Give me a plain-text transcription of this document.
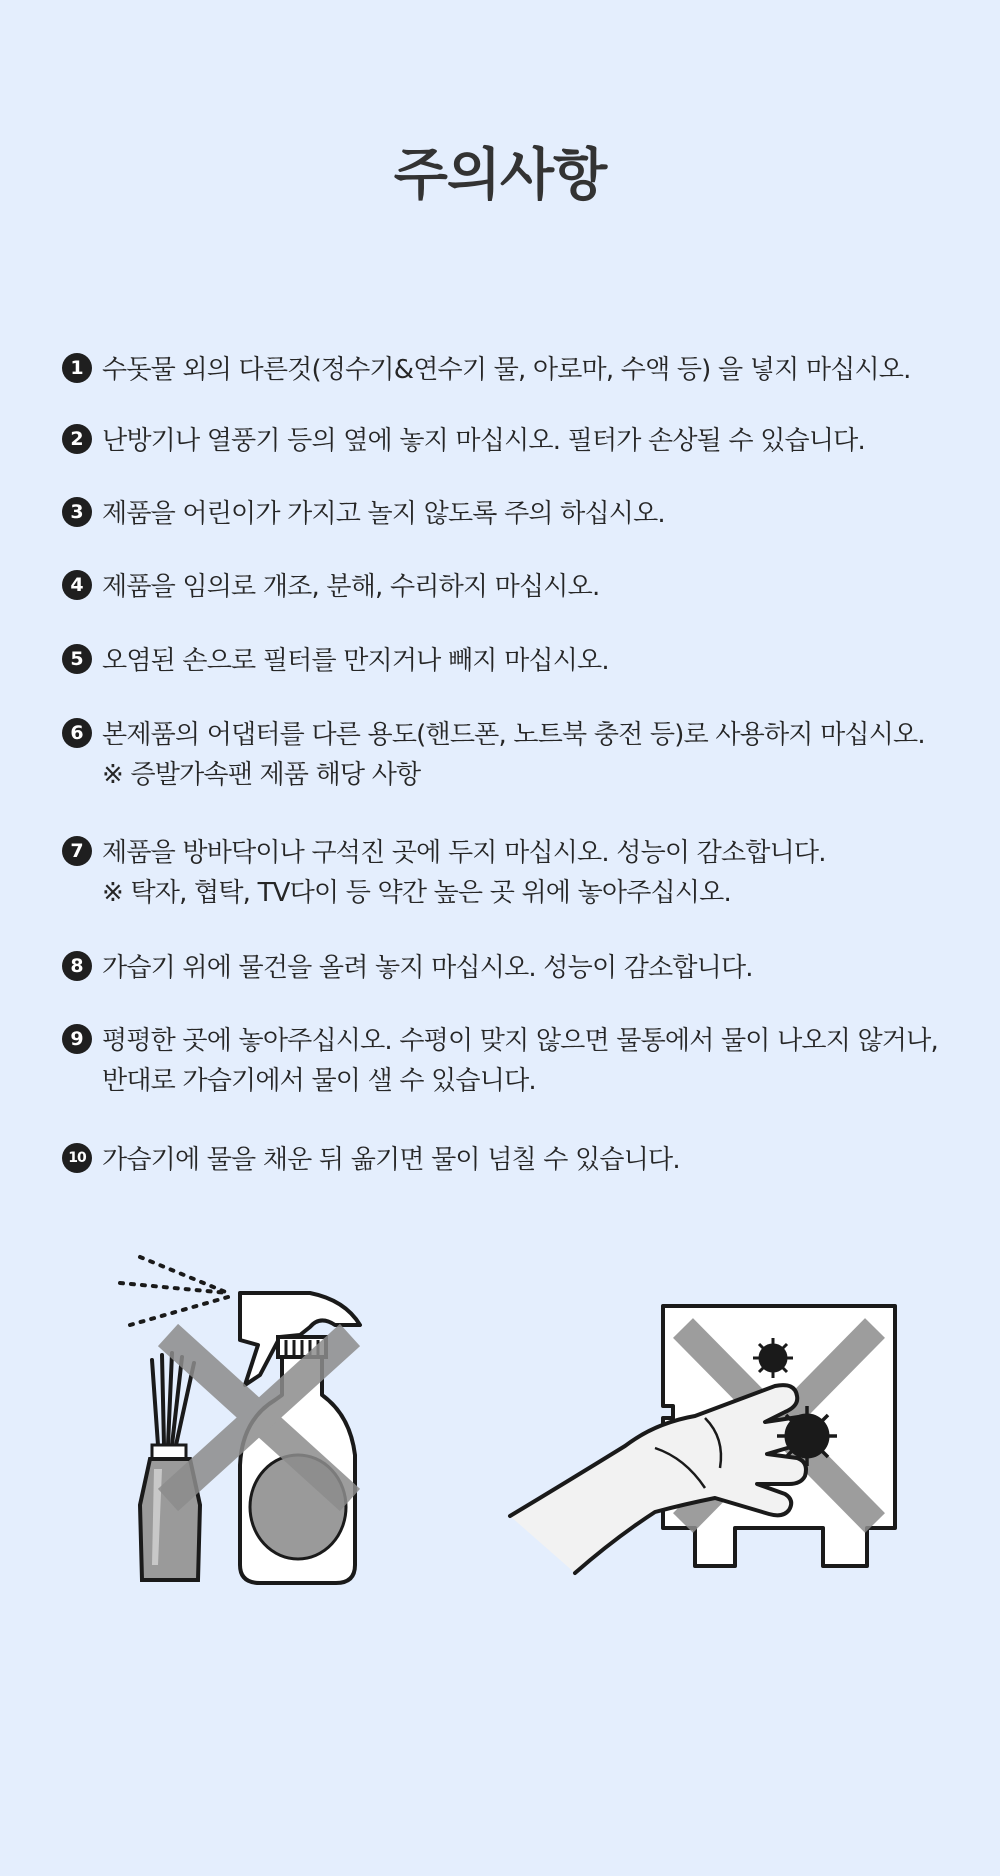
주의사항
1 수돗물 외의 다른것(정수기&연수기 물, 아로마, 수액 등) 을 넣지 마십시오.
2 난방기나 열풍기 등의 옆에 놓지 마십시오. 필터가 손상될 수 있습니다.
3 제품을 어린이가 가지고 놀지 않도록 주의 하십시오.
4 제품을 임의로 개조, 분해, 수리하지 마십시오.
5 오염된 손으로 필터를 만지거나 빼지 마십시오.
6 본제품의 어댑터를 다른 용도(핸드폰, 노트북 충전 등)로 사용하지 마십시오.
※ 증발가속팬 제품 해당 사항
7 제품을 방바닥이나 구석진 곳에 두지 마십시오. 성능이 감소합니다.
※ 탁자, 협탁, TV다이 등 약간 높은 곳 위에 놓아주십시오.
8 가습기 위에 물건을 올려 놓지 마십시오. 성능이 감소합니다.
9 평평한 곳에 놓아주십시오. 수평이 맞지 않으면 물통에서 물이 나오지 않거나,
반대로 가습기에서 물이 샐 수 있습니다.
10 가습기에 물을 채운 뒤 옮기면 물이 넘칠 수 있습니다.
